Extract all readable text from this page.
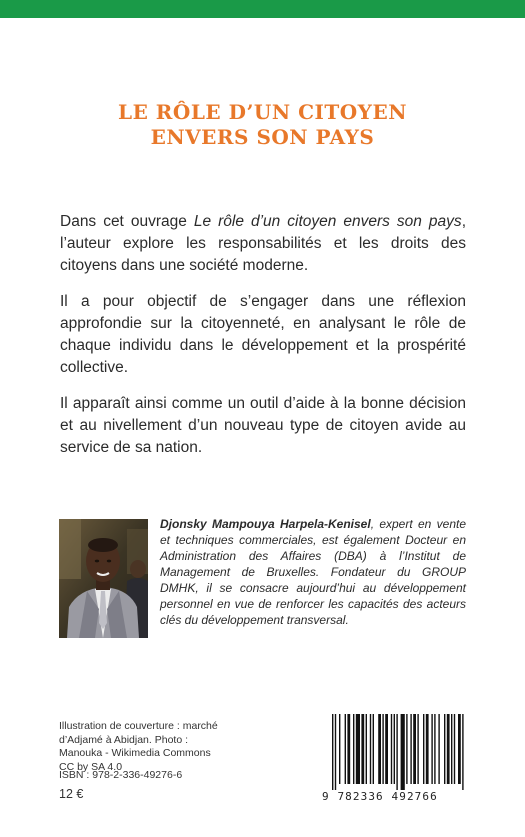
LE RÔLE D’UN CITOYEN
ENVERS SON PAYS

Dans cet ouvrage Le rôle d’un citoyen envers son pays, l’auteur explore les responsabilités et les droits des citoyens dans une société moderne.

Il a pour objectif de s’engager dans une réflexion approfondie sur la citoyenneté, en analysant le rôle de chaque individu dans le développement et la prospérité collective.

Il apparaît ainsi comme un outil d’aide à la bonne décision et au nivellement d’un nouveau type de citoyen avide au service de sa nation.

Djonsky Mampouya Harpela-Kenisel, expert en vente et techniques commerciales, est également Docteur en Administration des Affaires (DBA) à l’Institut de Management de Bruxelles. Fondateur du GROUP DMHK, il se consacre aujourd’hui au développement personnel en vue de renforcer les capacités des acteurs clés du développement transversal.
Illustration de couverture : marché d’Adjamé à Abidjan. Photo : Manouka - Wikimedia Commons CC by SA 4.0
ISBN : 978-2-336-49276-6
12 €	9 782336 492766
